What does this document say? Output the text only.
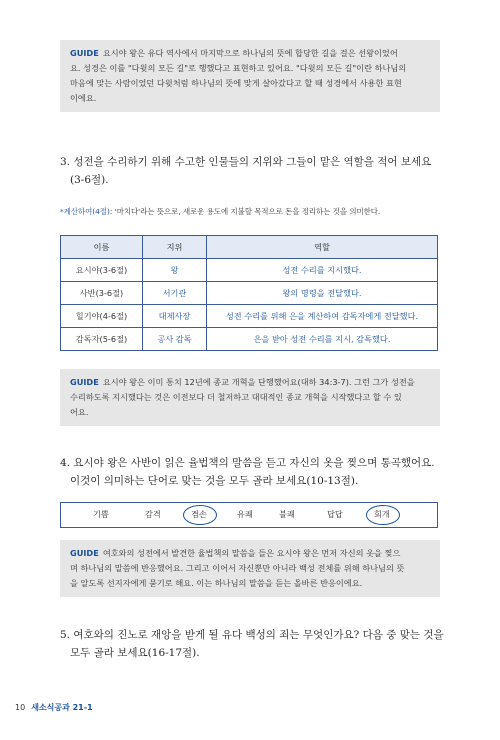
GUIDE 요시야 왕은 유다 역사에서 마지막으로 하나님의 뜻에 합당한 길을 걸은 선왕이었어
요. 성경은 이를 "다윗의 모든 길"로 행했다고 표현하고 있어요. "다윗의 모든 길"이란 하나님의
마음에 맞는 사람이었던 다윗처럼 하나님의 뜻에 맞게 살아갔다고 할 때 성경에서 사용한 표현
이에요.
3. 성전을 수리하기 위해 수고한 인물들의 지위와 그들이 맡은 역할을 적어 보세요
(3-6절).
*계산하여(4절): '마치다'라는 뜻으로, 새로운 용도에 지불할 목적으로 돈을 정리하는 것을 의미한다.
이름	지위	역할
요시야(3-6절)	왕	성전 수리를 지시했다.
사반(3-6절)	서기관	왕의 명령을 전달했다.
힐기야(4-6절)	대제사장	성전 수리를 위해 은을 계산하여 감독자에게 전달했다.
감독자(5-6절)	공사 감독	은을 받아 성전 수리를 지시, 감독했다.
GUIDE 요시야 왕은 이미 통치 12년에 종교 개혁을 단행했어요(대하 34:3-7). 그런 그가 성전을
수리하도록 지시했다는 것은 이전보다 더 철저하고 대대적인 종교 개혁을 시작했다고 할 수 있
어요.
4. 요시야 왕은 사반이 읽은 율법책의 말씀을 듣고 자신의 옷을 찢으며 통곡했어요.
이것이 의미하는 단어로 맞는 것을 모두 골라 보세요(10-13절).
기쁨	감격	겸손	유쾌	불쾌	답답	회개
GUIDE 여호와의 성전에서 발견한 율법책의 말씀을 들은 요시야 왕은 먼저 자신의 옷을 찢으
며 하나님의 말씀에 반응했어요. 그리고 이어서 자신뿐만 아니라 백성 전체를 위해 하나님의 뜻
을 알도록 선지자에게 묻기로 해요. 이는 하나님의 말씀을 듣는 올바른 반응이에요.
5. 여호와의 진노로 재앙을 받게 될 유다 백성의 죄는 무엇인가요? 다음 중 맞는 것을
모두 골라 보세요(16-17절).
10 새소식공과 21-1
